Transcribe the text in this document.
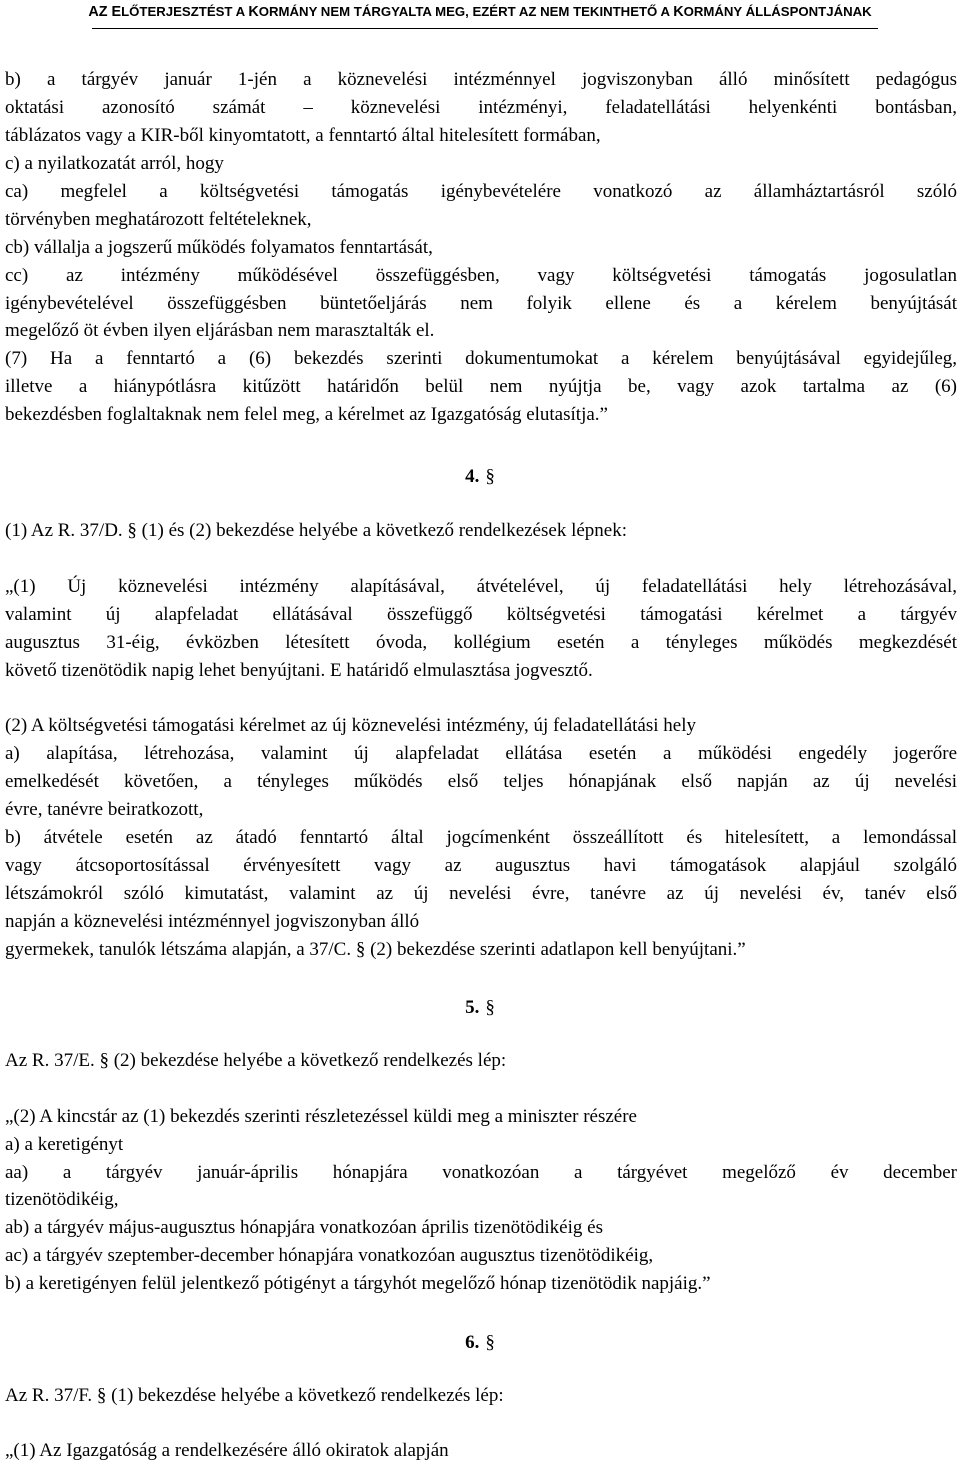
AZ ELŐTERJESZTÉST A KORMÁNY NEM TÁRGYALTA MEG, EZÉRT AZ NEM TEKINTHETŐ A KORMÁNY ÁLLÁSPONTJÁNAK
b) a tárgyév január 1-jén a köznevelési intézménnyel jogviszonyban álló minősített pedagógus
oktatási azonosító számát – köznevelési intézményi, feladatellátási helyenkénti bontásban,
táblázatos vagy a KIR-ből kinyomtatott, a fenntartó által hitelesített formában,
c) a nyilatkozatát arról, hogy
ca) megfelel a költségvetési támogatás igénybevételére vonatkozó az államháztartásról szóló
törvényben meghatározott feltételeknek,
cb) vállalja a jogszerű működés folyamatos fenntartását,
cc) az intézmény működésével összefüggésben, vagy költségvetési támogatás jogosulatlan
igénybevételével összefüggésben büntetőeljárás nem folyik ellene és a kérelem benyújtását
megelőző öt évben ilyen eljárásban nem marasztalták el.
(7) Ha a fenntartó a (6) bekezdés szerinti dokumentumokat a kérelem benyújtásával egyidejűleg,
illetve a hiánypótlásra kitűzött határidőn belül nem nyújtja be, vagy azok tartalma az (6)
bekezdésben foglaltaknak nem felel meg, a kérelmet az Igazgatóság elutasítja.”
4. §
(1) Az R. 37/D. § (1) és (2) bekezdése helyébe a következő rendelkezések lépnek:
„(1) Új köznevelési intézmény alapításával, átvételével, új feladatellátási hely létrehozásával,
valamint új alapfeladat ellátásával összefüggő költségvetési támogatási kérelmet a tárgyév
augusztus 31-éig, évközben létesített óvoda, kollégium esetén a tényleges működés megkezdését
követő tizenötödik napig lehet benyújtani. E határidő elmulasztása jogvesztő.
(2) A költségvetési támogatási kérelmet az új köznevelési intézmény, új feladatellátási hely
a) alapítása, létrehozása, valamint új alapfeladat ellátása esetén a működési engedély jogerőre
emelkedését követően, a tényleges működés első teljes hónapjának első napján az új nevelési
évre, tanévre beiratkozott,
b) átvétele esetén az átadó fenntartó által jogcímenként összeállított és hitelesített, a lemondással
vagy átcsoportosítással érvényesített vagy az augusztus havi támogatások alapjául szolgáló
létszámokról szóló kimutatást, valamint az új nevelési évre, tanévre az új nevelési év, tanév első
napján a köznevelési intézménnyel jogviszonyban álló
gyermekek, tanulók létszáma alapján, a 37/C. § (2) bekezdése szerinti adatlapon kell benyújtani.”
5. §
Az R. 37/E. § (2) bekezdése helyébe a következő rendelkezés lép:
„(2) A kincstár az (1) bekezdés szerinti részletezéssel küldi meg a miniszter részére
a) a keretigényt
aa) a tárgyév január-április hónapjára vonatkozóan a tárgyévet megelőző év december
tizenötödikéig,
ab) a tárgyév május-augusztus hónapjára vonatkozóan április tizenötödikéig és
ac) a tárgyév szeptember-december hónapjára vonatkozóan augusztus tizenötödikéig,
b) a keretigényen felül jelentkező pótigényt a tárgyhót megelőző hónap tizenötödik napjáig.”
6. §
Az R. 37/F. § (1) bekezdése helyébe a következő rendelkezés lép:
„(1) Az Igazgatóság a rendelkezésére álló okiratok alapján
